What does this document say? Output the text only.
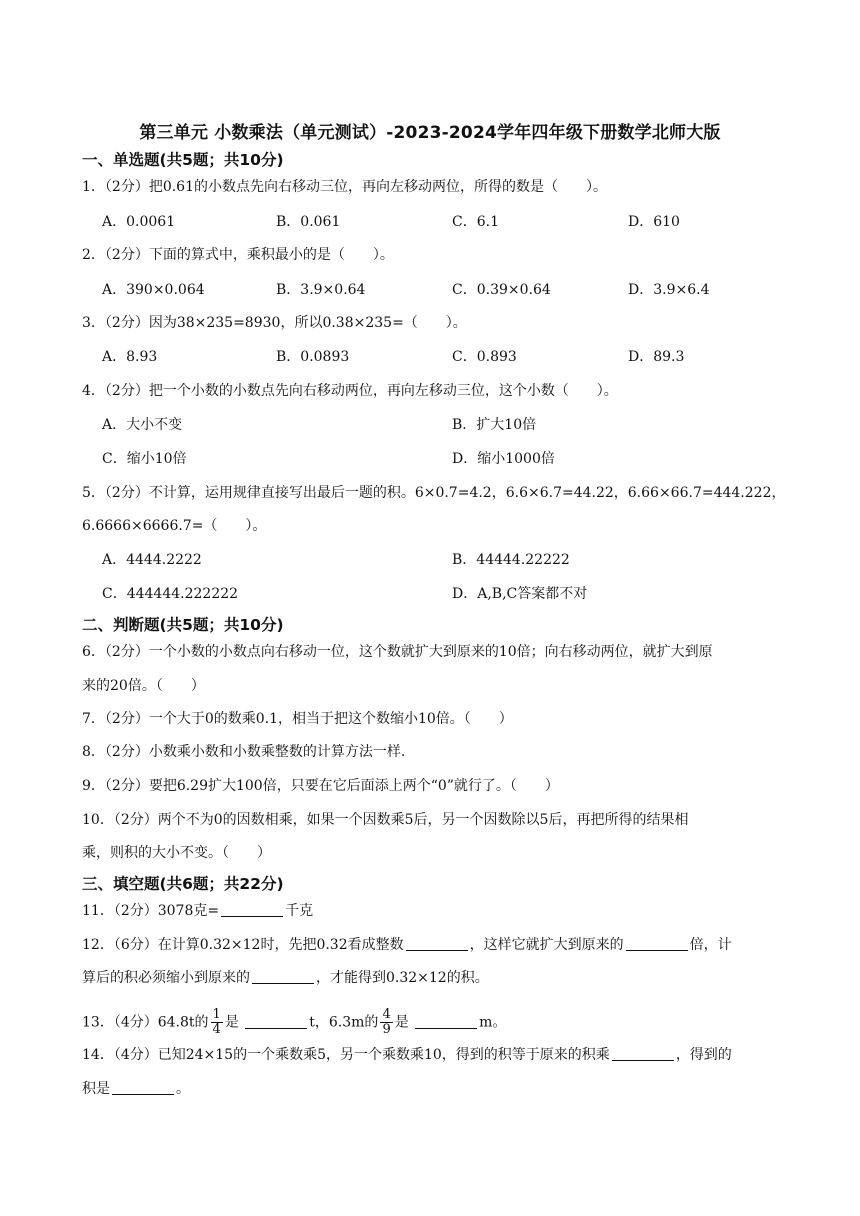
第三单元 小数乘法（单元测试）-2023-2024学年四年级下册数学北师大版
一、单选题(共5题；共10分)
1．（2分）把0.61的小数点先向右移动三位，再向左移动两位，所得的数是（　　）。
A．0.0061	B．0.061	C．6.1	D．610
2．（2分）下面的算式中，乘积最小的是（　　）。
A．390×0.064	B．3.9×0.64	C．0.39×0.64	D．3.9×6.4
3．（2分）因为38×235=8930，所以0.38×235=（　　）。
A．8.93	B．0.0893	C．0.893	D．89.3
4．（2分）把一个小数的小数点先向右移动两位，再向左移动三位，这个小数（　　）。
A．大小不变	B．扩大10倍
C．缩小10倍	D．缩小1000倍
5．（2分）不计算，运用规律直接写出最后一题的积。6×0.7=4.2，6.6×6.7=44.22，6.66×66.7=444.222，
6.6666×6666.7=（　　）。
A．4444.2222	B．44444.22222
C．444444.222222	D．A,B,C答案都不对
二、判断题(共5题；共10分)
6．（2分）一个小数的小数点向右移动一位，这个数就扩大到原来的10倍；向右移动两位，就扩大到原
来的20倍。（　　）
7．（2分）一个大于0的数乘0.1，相当于把这个数缩小10倍。（　　）
8．（2分）小数乘小数和小数乘整数的计算方法一样.
9．（2分）要把6.29扩大100倍，只要在它后面添上两个“0”就行了。（　　）
10．（2分）两个不为0的因数相乘，如果一个因数乘5后，另一个因数除以5后，再把所得的结果相
乘，则积的大小不变。（　　）
三、填空题(共6题；共22分)
11．（2分）3078克=	千克
12．（6分）在计算0.32×12时，先把0.32看成整数	，这样它就扩大到原来的	倍，计
算后的积必须缩小到原来的	，才能得到0.32×12的积。
13．（4分）64.8t的 $\frac{1}{4}$ 是	t，6.3m的 $\frac{4}{9}$ 是	m。
14．（4分）已知24×15的一个乘数乘5，另一个乘数乘10，得到的积等于原来的积乘	，得到的
积是	。
